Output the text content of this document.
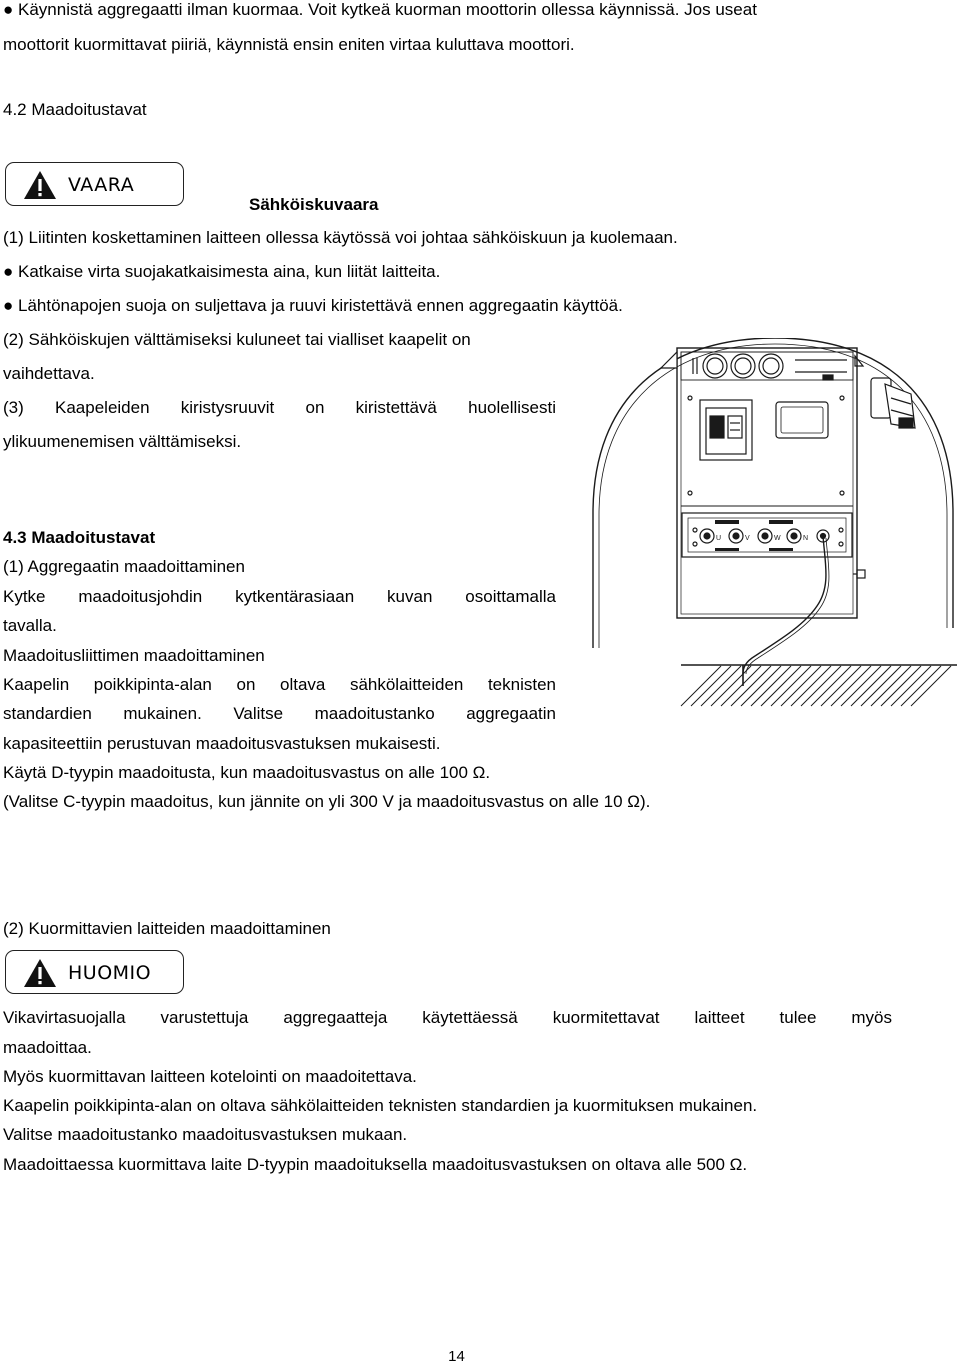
● Käynnistä aggregaatti ilman kuormaa. Voit kytkeä kuorman moottorin ollessa käynnissä. Jos useat
moottorit kuormittavat piiriä, käynnistä ensin eniten virtaa kuluttava moottori.
4.2 Maadoitustavat
VAARA
Sähköiskuvaara
(1) Liitinten koskettaminen laitteen ollessa käytössä voi johtaa sähköiskuun ja kuolemaan.
● Katkaise virta suojakatkaisimesta aina, kun liität laitteita.
● Lähtönapojen suoja on suljettava ja ruuvi kiristettävä ennen aggregaatin käyttöä.
(2) Sähköiskujen välttämiseksi kuluneet tai vialliset kaapelit on
vaihdettava.
(3) Kaapeleiden kiristysruuvit on kiristettävä huolellisesti
ylikuumenemisen välttämiseksi.
4.3 Maadoitustavat
(1) Aggregaatin maadoittaminen
Kytke maadoitusjohdin kytkentärasiaan kuvan osoittamalla
tavalla.
Maadoitusliittimen maadoittaminen
Kaapelin poikkipinta-alan on oltava sähkölaitteiden teknisten
standardien mukainen. Valitse maadoitustanko aggregaatin
kapasiteettiin perustuvan maadoitusvastuksen mukaisesti.
Käytä D-tyypin maadoitusta, kun maadoitusvastus on alle 100 Ω.
(Valitse C-tyypin maadoitus, kun jännite on yli 300 V ja maadoitusvastus on alle 10 Ω).
(2) Kuormittavien laitteiden maadoittaminen
HUOMIO
Vikavirtasuojalla varustettuja aggregaatteja käytettäessä kuormitettavat laitteet tulee myös
maadoittaa.
Myös kuormittavan laitteen kotelointi on maadoitettava.
Kaapelin poikkipinta-alan on oltava sähkölaitteiden teknisten standardien ja kuormituksen mukainen.
Valitse maadoitustanko maadoitusvastuksen mukaan.
Maadoittaessa kuormittava laite D-tyypin maadoituksella maadoitusvastuksen on oltava alle 500 Ω.
U	V	W	N
14
